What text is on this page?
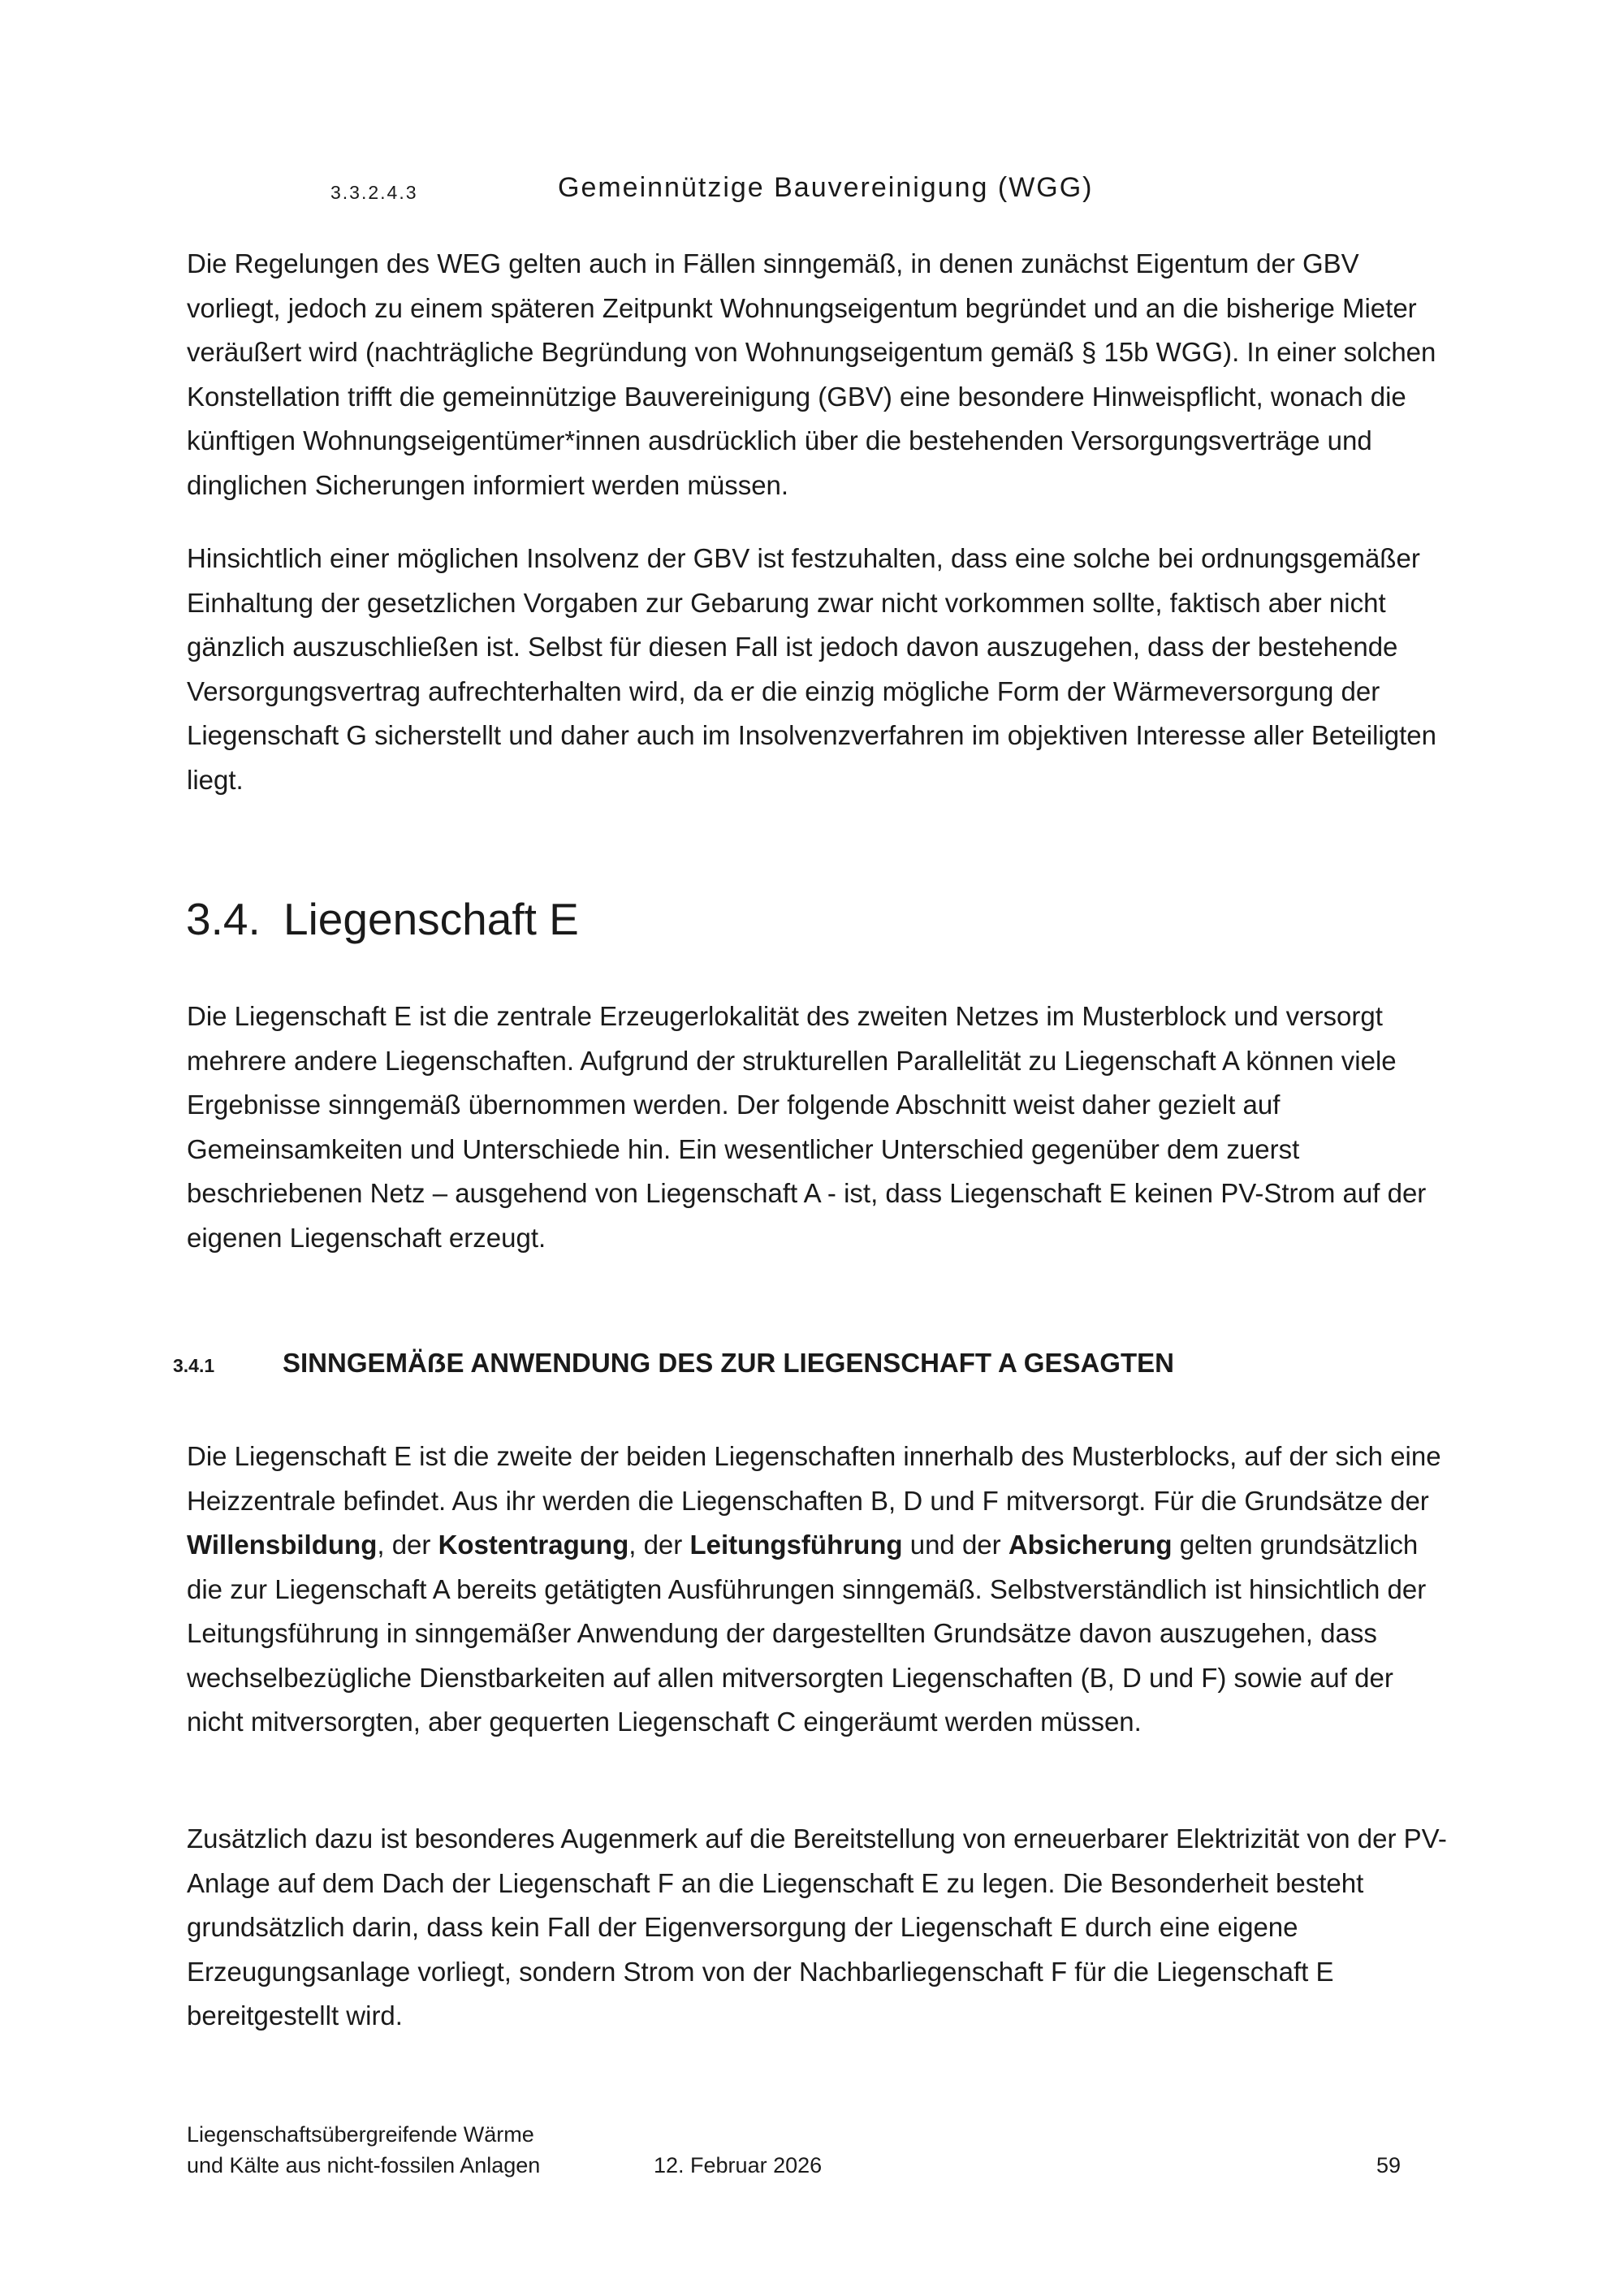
3.3.2.4.3	Gemeinnützige Bauvereinigung (WGG)

Die Regelungen des WEG gelten auch in Fällen sinngemäß, in denen zunächst Eigentum der GBV vorliegt, jedoch zu einem späteren Zeitpunkt Wohnungseigentum begründet und an die bisherige Mieter veräußert wird (nachträgliche Begründung von Wohnungseigentum gemäß § 15b WGG). In einer solchen Konstellation trifft die gemeinnützige Bauvereinigung (GBV) eine besondere Hinweispflicht, wonach die künftigen Wohnungseigentümer*innen ausdrücklich über die bestehenden Versorgungsverträge und dinglichen Sicherungen informiert werden müssen.

Hinsichtlich einer möglichen Insolvenz der GBV ist festzuhalten, dass eine solche bei ordnungsgemäßer Einhaltung der gesetzlichen Vorgaben zur Gebarung zwar nicht vorkommen sollte, faktisch aber nicht gänzlich auszuschließen ist. Selbst für diesen Fall ist jedoch davon auszugehen, dass der bestehende Versorgungsvertrag aufrechterhalten wird, da er die einzig mögliche Form der Wärmeversorgung der Liegenschaft G sicherstellt und daher auch im Insolvenzverfahren im objektiven Interesse aller Beteiligten liegt.

3.4. Liegenschaft E

Die Liegenschaft E ist die zentrale Erzeugerlokalität des zweiten Netzes im Musterblock und versorgt mehrere andere Liegenschaften. Aufgrund der strukturellen Parallelität zu Liegenschaft A können viele Ergebnisse sinngemäß übernommen werden. Der folgende Abschnitt weist daher gezielt auf Gemeinsamkeiten und Unterschiede hin. Ein wesentlicher Unterschied gegenüber dem zuerst beschriebenen Netz – ausgehend von Liegenschaft A - ist, dass Liegenschaft E keinen PV-Strom auf der eigenen Liegenschaft erzeugt.

3.4.1	SINNGEMÄẞE ANWENDUNG DES ZUR LIEGENSCHAFT A GESAGTEN

Die Liegenschaft E ist die zweite der beiden Liegenschaften innerhalb des Musterblocks, auf der sich eine Heizzentrale befindet. Aus ihr werden die Liegenschaften B, D und F mitversorgt. Für die Grundsätze der Willensbildung, der Kostentragung, der Leitungsführung und der Absicherung gelten grundsätzlich die zur Liegenschaft A bereits getätigten Ausführungen sinngemäß. Selbstverständlich ist hinsichtlich der Leitungsführung in sinngemäßer Anwendung der dargestellten Grundsätze davon auszugehen, dass wechselbezügliche Dienstbarkeiten auf allen mitversorgten Liegenschaften (B, D und F) sowie auf der nicht mitversorgten, aber gequerten Liegenschaft C eingeräumt werden müssen.

Zusätzlich dazu ist besonderes Augenmerk auf die Bereitstellung von erneuerbarer Elektrizität von der PV-Anlage auf dem Dach der Liegenschaft F an die Liegenschaft E zu legen. Die Besonderheit besteht grundsätzlich darin, dass kein Fall der Eigenversorgung der Liegenschaft E durch eine eigene Erzeugungsanlage vorliegt, sondern Strom von der Nachbarliegenschaft F für die Liegenschaft E bereitgestellt wird.

Liegenschaftsübergreifende Wärme
und Kälte aus nicht-fossilen Anlagen	12. Februar 2026	59
